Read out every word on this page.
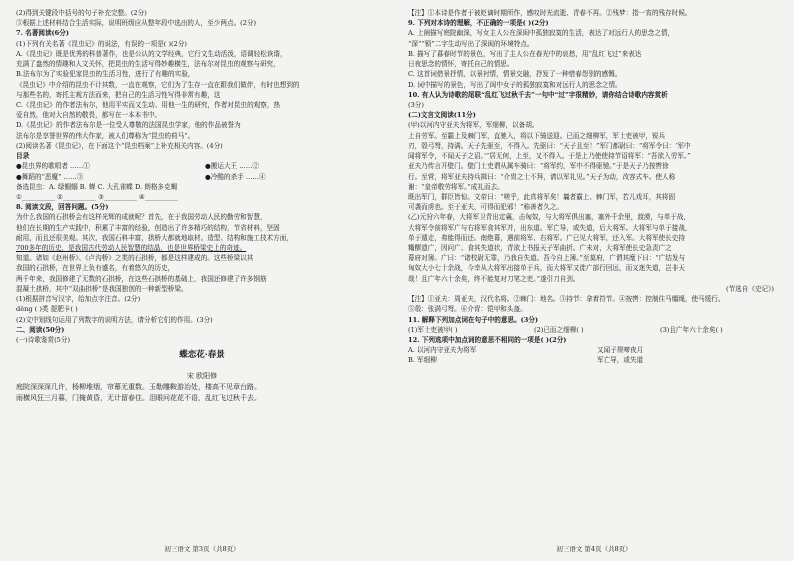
(2)得到关键段中括号的句子补充完整。(2分)

③根据上述材料结合生活实际，说明班级应从整年段中选出的人，至少两点。(2分)

7. 名著阅读(6分)

(1)下列有关名著《昆虫记》的说法，有误的一项是( )(2分)

A.《昆虫记》既是优秀的科普著作，也是公认的文学经典，它行文生动活泼，语调轻松诙谐，

充满了盎然的情趣和人文关怀，把昆虫的生活写得妙趣横生，法布尔对昆虫的观察与研究，

B.法布尔为了实验犯家昆虫的生活习性，进行了有趣的实验，

《昆虫记》中介绍的昆虫不计其数，一直在观察，它们为了生存一直在跟我们做伴，有时也想到的

与那些名的，寄托主观方法而来，把自己的生活习性写得非常有趣，这

C.《昆虫记》的作者法布尔，他用平实而又生动、用他一生的研究，作者对昆虫的观察，热

爱自然，他对大自然的敬畏，都写在一本本书中。

D.《昆虫记》的作者法布尔是一位受人尊敬的法国昆虫学家，他的作品被誉为

法布尔是享誉世界的伟大作家，被人们尊称为“昆虫的荷马”。

(2)阅读名著《昆虫记》，在下面这个“昆虫档案”上补充相关内容。(4分)

目录

●昆虫界的歌唱者 ……①	●搬运大王 ……②
●舞蹈的“恶魔” ……③	●冷酷的杀手 ……④

备选昆虫：A. 绿蝈蝈 B. 蝉 C. 大孔雀蝶 D. 朗格多克蝎

①__________ ②__________ ③__________ ④__________

8. 阅读文段，回答问题。(5分)

为什么我国的石拱桥会有这样光辉的成就呢？首先，在于我国劳动人民的勤劳和智慧，

他们在长期的生产实践中，积累了丰富的经验，创造出了许多精巧的结构，节省材料，坚固

耐用，而且还很美观。其次，我国石料丰富，拱桥大都就地取材。造型、结构和施工技术方面，

700多年的历史，是我国古代劳动人民智慧的结晶，也是世界桥梁史上的奇迹。

知道。诸如《赵州桥》、《卢沟桥》之类的石拱桥，都是这样建成的。这些桥梁以其

我国的石拱桥，在世界上负有盛名，有着悠久的历史，

两千年来，我国修建了无数的石拱桥，在这些石拱桥的基础上，我国还修建了许多钢筋

混凝土拱桥，其中“双曲拱桥”是我国独创的一种新型桥梁。

(1)根据拼音写汉字，给加点字注音。(2分)

děng ( )类 提肥卡( )

(2)文中划线句运用了列数字的说明方法，请分析它们的作用。(3分)

二、阅读(50分)

(一)诗歌鉴赏(5分)

蝶恋花·春景

宋 欧阳修

庭院深深深几许，杨柳堆烟，帘幕无重数。玉勒雕鞍游冶处，楼高不见章台路。

雨横风狂三月暮，门掩黄昏，无计留春住。泪眼问花花不语，乱红飞过秋千去。

初三语文 第3页（共8页）

【注】①本诗是作者于被贬谪时期所作，感叹时光流逝、青春不再。②残梦：指一宵的残存时候。

9. 下列对本诗的理解，不正确的一项是( )(2分)

A. 上阕描写庭院幽深，写女主人公在深闺中孤独寂寞的生活，表达了对远行人的思念之情，

“深”“锁”二字生动写出了深闺的环境特点。

B. 描写了暮春时节的景色，写出了主人公在春光中的哀愁，用“乱红飞过”来表达

日夜思念的情怀，寄托自己的情思。

C. 这首词借景抒情，以景衬情，情景交融，抒发了一种惜春怨别的感慨。

D. 词中描写的景色，写出了闺中女子的孤独寂寞和对远行人的思念之情。

10. 有人认为诗歌的尾联“乱红飞过秋千去”一句中“过”字很精妙，请你结合诗歌内容赏析

(3分)

(二)文言文阅读(11分)

(甲)以河内守亚夫为将军，军细柳，以备胡。

上自劳军。至霸上及棘门军，直驰入，将以下骑送迎。已而之细柳军，军士吏被甲，锐兵

刃，彀弓弩，持满。天子先驱至，不得入。先驱曰：“天子且至！”军门都尉曰：“将军令曰：‘军中

闻将军令，不闻天子之诏。’”居无何，上至，又不得入。于是上乃使使持节诏将军：“吾欲入劳军。”

亚夫乃传言开壁门。壁门士吏谓从属车骑曰：“将军约，军中不得驱驰。”于是天子乃按辔徐

行。至营，将军亚夫持兵揖曰：“介胄之士不拜，请以军礼见。”天子为动，改容式车。使人称

谢：“皇帝敬劳将军。”成礼而去。

既出军门，群臣皆惊。文帝曰：“嗟乎，此真将军矣！曩者霸上、棘门军，若儿戏耳，其将固

可袭而虏也。至于亚夫，可得而犯邪！”称善者久之。

(乙)元狩六年春，大将军卫青出定襄，击匈奴，与大将军俱出塞，塞外千余里，渡漠，与单于战，

大将军令前将军广与右将军食其军并，出东道。军亡导，或失道，后大将军。大将军与单于接战，

单于遁走，弗能得而还。南绝幕，遇前将军、右将军。广已见大将军，还入军。大将军使长史持

糒醪遗广，因问广、食其失道状，青欲上书报天子军曲折。广未对，大将军使长史急责广之

幕府对簿。广曰：“诸校尉无罪，乃我自失道。吾今自上簿。”至莫府，广谓其麾下曰：“广结发与

匈奴大小七十余战，今幸从大将军出接单于兵，而大将军又徙广部行回远，而又迷失道，岂非天

哉！且广年六十余矣，终不能复对刀笔之吏。”遂引刀自刭。

(节选自《史记》)

【注】①亚夫：周亚夫，汉代名将。②棘门：地名。③持节：拿着符节。④按辔：控制住马缰绳，使马缓行。

⑤彀：张满弓弩。⑥介胄：铠甲和头盔。

11. 解释下列加点词在句子中的意思。(3分)

(1)军士吏被甲( )	(2)已而之细柳( )	(3)且广年六十余矣( )

12. 下列选项中加点词的意思不相同的一项是( )(2分)

A. 以河内守亚夫为将军	又闻子规啼夜月
B. 军细柳	军亡导，或失道
初三语文 第4页（共8页）
